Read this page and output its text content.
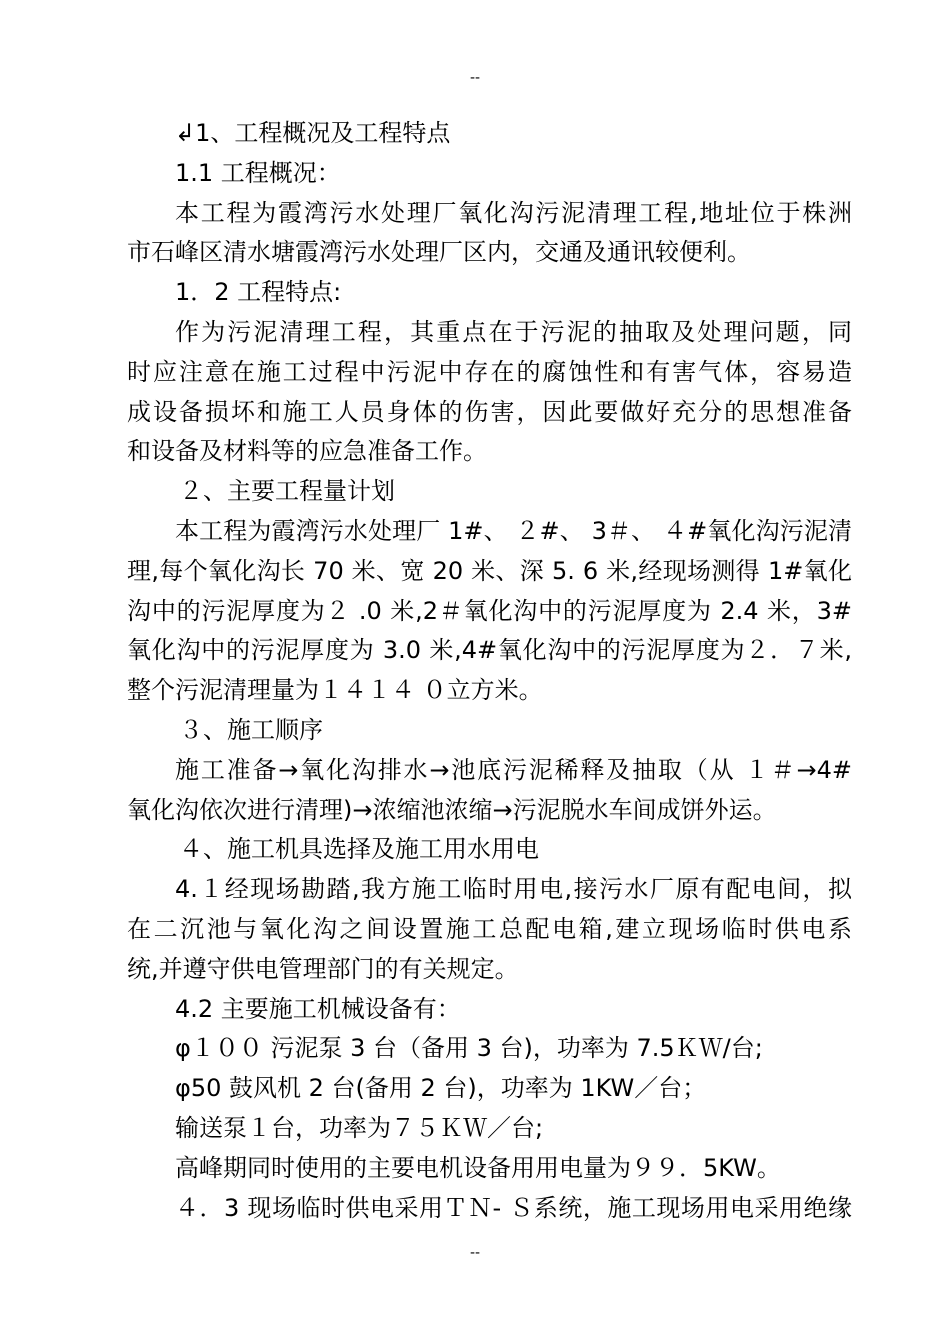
--
↲1、工程概况及工程特点
1.1 工程概况：
本工程为霞湾污水处理厂氧化沟污泥清理工程,地址位于株洲
市石峰区清水塘霞湾污水处理厂区内，交通及通讯较便利。
1．2 工程特点:
作为污泥清理工程，其重点在于污泥的抽取及处理问题，同
时应注意在施工过程中污泥中存在的腐蚀性和有害气体，容易造
成设备损坏和施工人员身体的伤害，因此要做好充分的思想准备
和设备及材料等的应急准备工作。
２、主要工程量计划
本工程为霞湾污水处理厂 1#、 ２#、 3＃、 ４#氧化沟污泥清
理,每个氧化沟长 70 米、宽 20 米、深 5. 6 米,经现场测得 1#氧化
沟中的污泥厚度为２ .0 米,2＃氧化沟中的污泥厚度为 2.4 米，3#
氧化沟中的污泥厚度为 3.0 米,4#氧化沟中的污泥厚度为２．７米,
整个污泥清理量为１４１４ ０立方米。
３、施工顺序
施工准备→氧化沟排水→池底污泥稀释及抽取（从 １＃→4#
氧化沟依次进行清理)→浓缩池浓缩→污泥脱水车间成饼外运。
４、施工机具选择及施工用水用电
4.１经现场勘踏,我方施工临时用电,接污水厂原有配电间，拟
在二沉池与氧化沟之间设置施工总配电箱,建立现场临时供电系
统,并遵守供电管理部门的有关规定。
4.2 主要施工机械设备有：
φ１００ 污泥泵 3 台（备用 3 台)，功率为 7.5ＫＷ/台;
φ50 鼓风机 2 台(备用 2 台)，功率为 1KW／台；
输送泵１台，功率为７５ＫＷ／台;
高峰期同时使用的主要电机设备用用电量为９９．5KW。
４．3 现场临时供电采用ＴＮ- Ｓ系统，施工现场用电采用绝缘
--
